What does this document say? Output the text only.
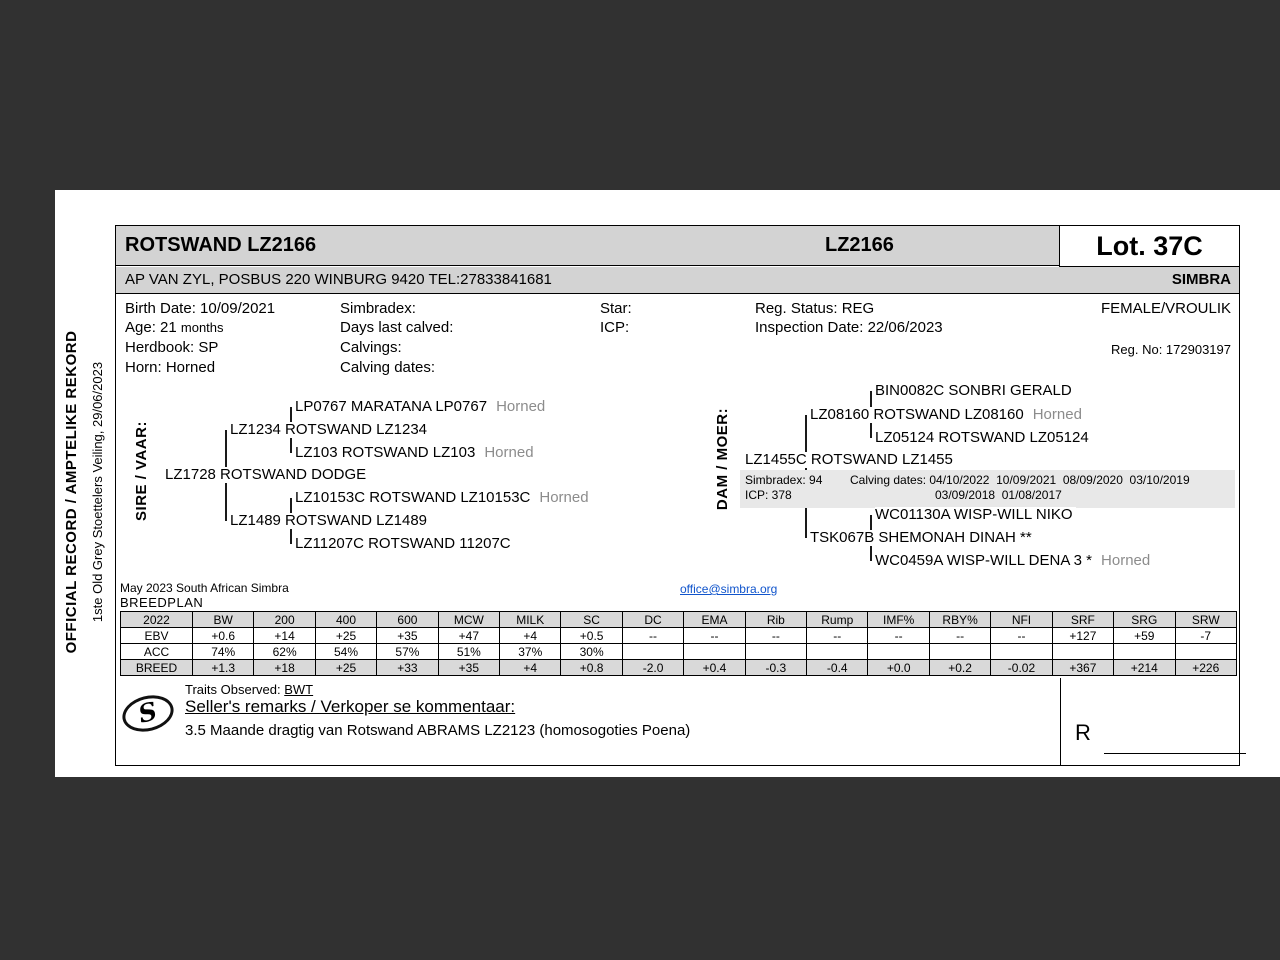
OFFICIAL RECORD / AMPTELIKE REKORD 1ste Old Grey Stoettelers Veiling, 29/06/2023
ROTSWAND LZ2166	LZ2166	Lot. 37C
AP VAN ZYL, POSBUS 220 WINBURG 9420 TEL:27833841681	SIMBRA
Birth Date: 10/09/2021
Age: 21 months
Herdbook: SP
Horn: Horned
Simbradex:
Days last calved:
Calvings:
Calving dates:
Star:
ICP:
Reg. Status: REG
Inspection Date: 22/06/2023
FEMALE/VROULIK
Reg. No: 172903197
LP0767 MARATANA LP0767 Horned
LZ1234 ROTSWAND LZ1234
LZ103 ROTSWAND LZ103 Horned
LZ1728 ROTSWAND DODGE
LZ10153C ROTSWAND LZ10153C Horned
LZ1489 ROTSWAND LZ1489
LZ11207C ROTSWAND 11207C
BIN0082C SONBRI GERALD
LZ08160 ROTSWAND LZ08160 Horned
LZ05124 ROTSWAND LZ05124
LZ1455C ROTSWAND LZ1455
Simbradex: 94 Calving dates: 04/10/2022  10/09/2021  08/09/2020  03/10/2019
ICP: 378	03/09/2018  01/08/2017
WC01130A WISP-WILL NIKO
TSK067B SHEMONAH DINAH **
WC0459A WISP-WILL DENA 3 * Horned
May 2023 South African Simbra
BREEDPLAN
office@simbra.org
2022	BW	200	400	600	MCW	MILK	SC	DC	EMA	Rib	Rump	IMF%	RBY%	NFI	SRF	SRG	SRW
EBV	+0.6	+14	+25	+35	+47	+4	+0.5	--	--	--	--	--	--	--	+127	+59	-7
ACC	74%	62%	54%	57%	51%	37%	30%										
BREED	+1.3	+18	+25	+33	+35	+4	+0.8	-2.0	+0.4	-0.3	-0.4	+0.0	+0.2	-0.02	+367	+214	+226
S
Traits Observed: BWT
Seller's remarks / Verkoper se kommentaar:
3.5 Maande dragtig van Rotswand ABRAMS LZ2123 (homosogoties Poena)	R
SIRE / VAAR:	DAM / MOER:
